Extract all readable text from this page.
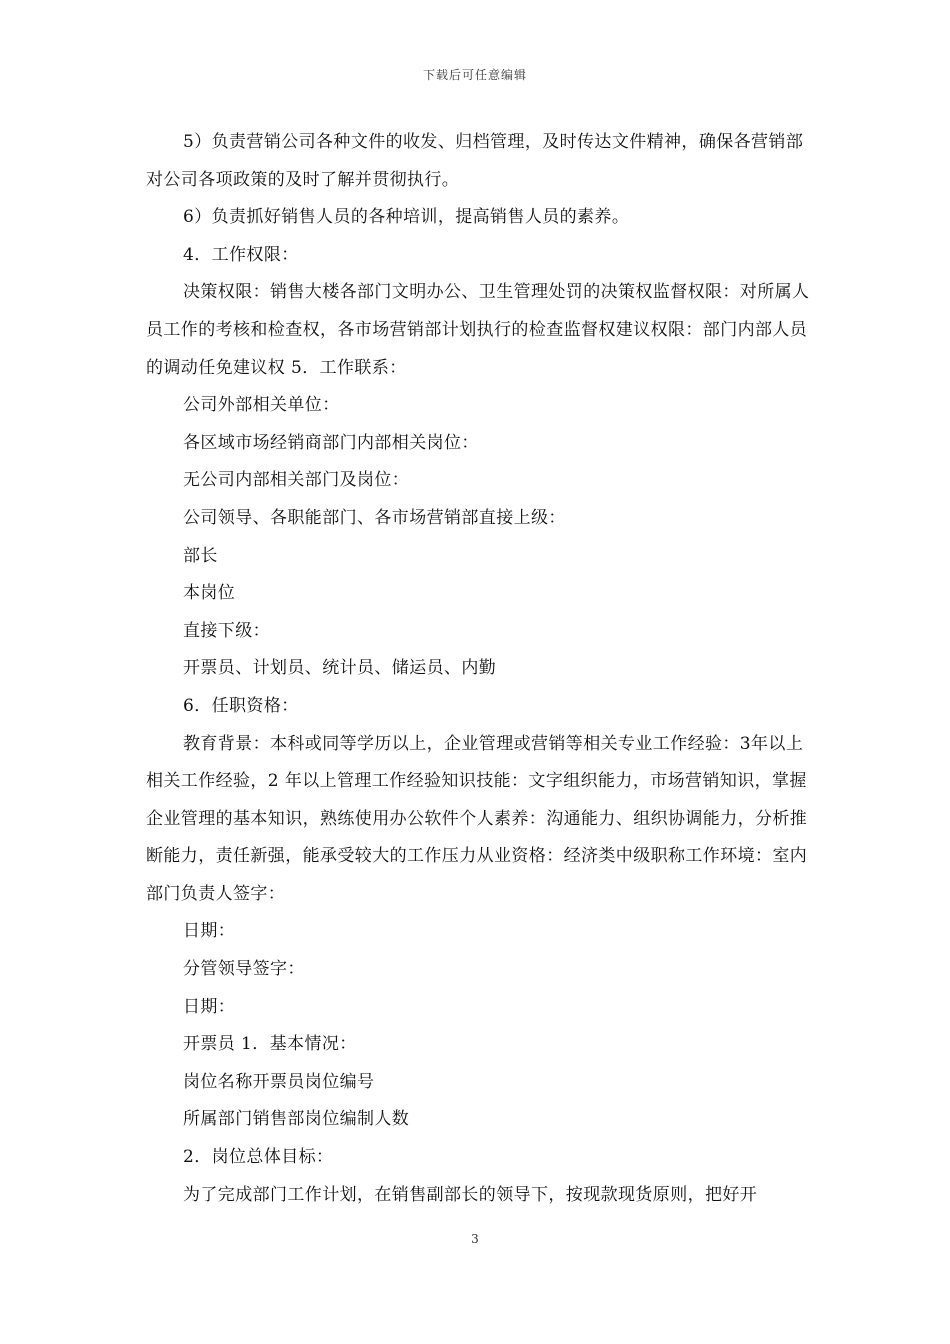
下载后可任意编辑

5）负责营销公司各种文件的收发、归档管理，及时传达文件精神，确保各营销部对公司各项政策的及时了解并贯彻执行。

6）负责抓好销售人员的各种培训，提高销售人员的素养。

4．工作权限：

决策权限：销售大楼各部门文明办公、卫生管理处罚的决策权监督权限：对所属人员工作的考核和检查权，各市场营销部计划执行的检查监督权建议权限：部门内部人员的调动任免建议权 5．工作联系：

公司外部相关单位：

各区域市场经销商部门内部相关岗位：

无公司内部相关部门及岗位：

公司领导、各职能部门、各市场营销部直接上级：

部长

本岗位

直接下级：

开票员、计划员、统计员、储运员、内勤

6．任职资格：

教育背景：本科或同等学历以上，企业管理或营销等相关专业工作经验：3年以上相关工作经验，2 年以上管理工作经验知识技能：文字组织能力，市场营销知识，掌握企业管理的基本知识，熟练使用办公软件个人素养：沟通能力、组织协调能力，分析推断能力，责任新强，能承受较大的工作压力从业资格：经济类中级职称工作环境：室内部门负责人签字：

日期：

分管领导签字：

日期：

开票员 1．基本情况：

岗位名称开票员岗位编号

所属部门销售部岗位编制人数

2．岗位总体目标：

为了完成部门工作计划，在销售副部长的领导下，按现款现货原则，把好开

3
